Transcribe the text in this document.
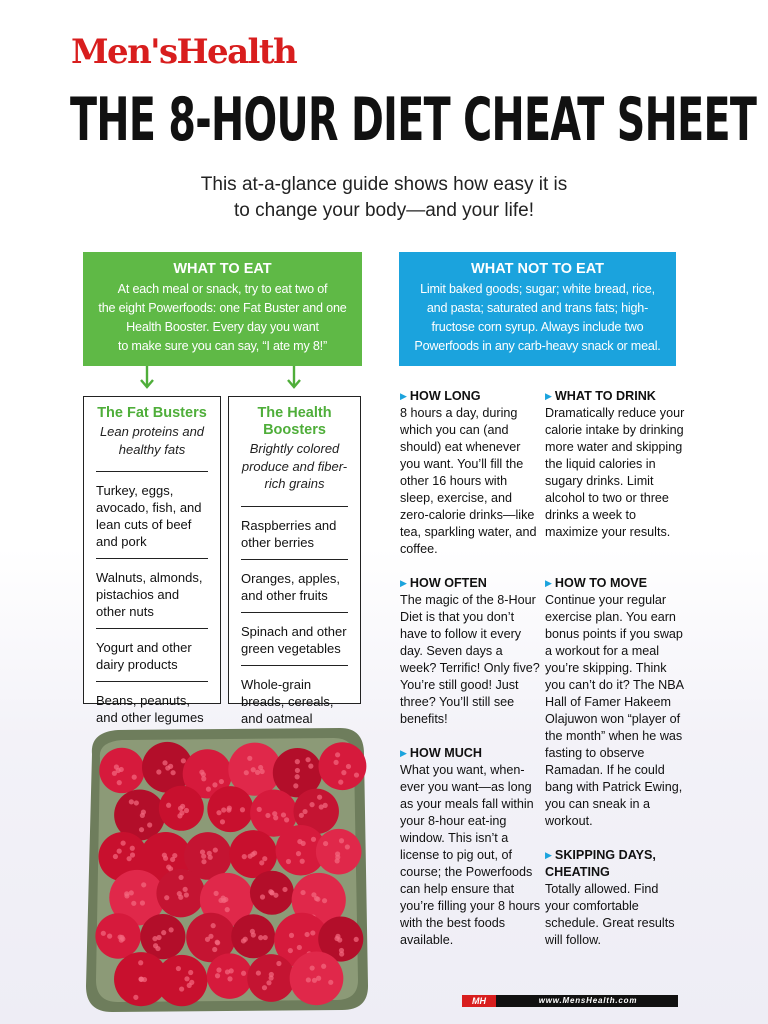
Men'sHealth
THE 8-HOUR DIET CHEAT SHEET
This at-a-glance guide shows how easy it is
to change your body—and your life!
WHAT TO EAT
At each meal or snack, try to eat two of
the eight Powerfoods: one Fat Buster and one
Health Booster. Every day you want
to make sure you can say, “I ate my 8!”
WHAT NOT TO EAT
Limit baked goods; sugar; white bread, rice,
and pasta; saturated and trans fats; high-
fructose corn syrup. Always include two
Powerfoods in any carb-heavy snack or meal.
The Fat Busters
Lean proteins and healthy fats
Turkey, eggs, avocado, fish, and lean cuts of beef and pork
Walnuts, almonds, pistachios and other nuts
Yogurt and other dairy products
Beans, peanuts, and other legumes
The Health Boosters
Brightly colored produce and fiber-rich grains
Raspberries and other berries
Oranges, apples, and other fruits
Spinach and other green vegetables
Whole-grain breads, cereals, and oatmeal
▶ HOW LONG
8 hours a day, during which you can (and should) eat whenever you want. You’ll fill the other 16 hours with sleep, exercise, and zero-calorie drinks—like tea, sparkling water, and coffee.
▶ HOW OFTEN
The magic of the 8-Hour Diet is that you don’t have to follow it every day. Seven days a week? Terrific! Only five? You’re still good! Just three? You’ll still see benefits!
▶ HOW MUCH
What you want, when-ever you want—as long as your meals fall within your 8-hour eat-ing window. This isn’t a license to pig out, of course; the Powerfoods can help ensure that you’re filling your 8 hours with the best foods available.
▶ WHAT TO DRINK
Dramatically reduce your calorie intake by drinking more water and skipping the liquid calories in sugary drinks. Limit alcohol to two or three drinks a week to maximize your results.
▶ HOW TO MOVE
Continue your regular exercise plan. You earn bonus points if you swap a workout for a meal you’re skipping. Think you can’t do it? The NBA Hall of Famer Hakeem Olajuwon won “player of the month” when he was fasting to observe Ramadan. If he could bang with Patrick Ewing, you can sneak in a workout.
▶ SKIPPING DAYS, CHEATING
Totally allowed. Find your comfortable schedule. Great results will follow.
MH	www.MensHealth.com
